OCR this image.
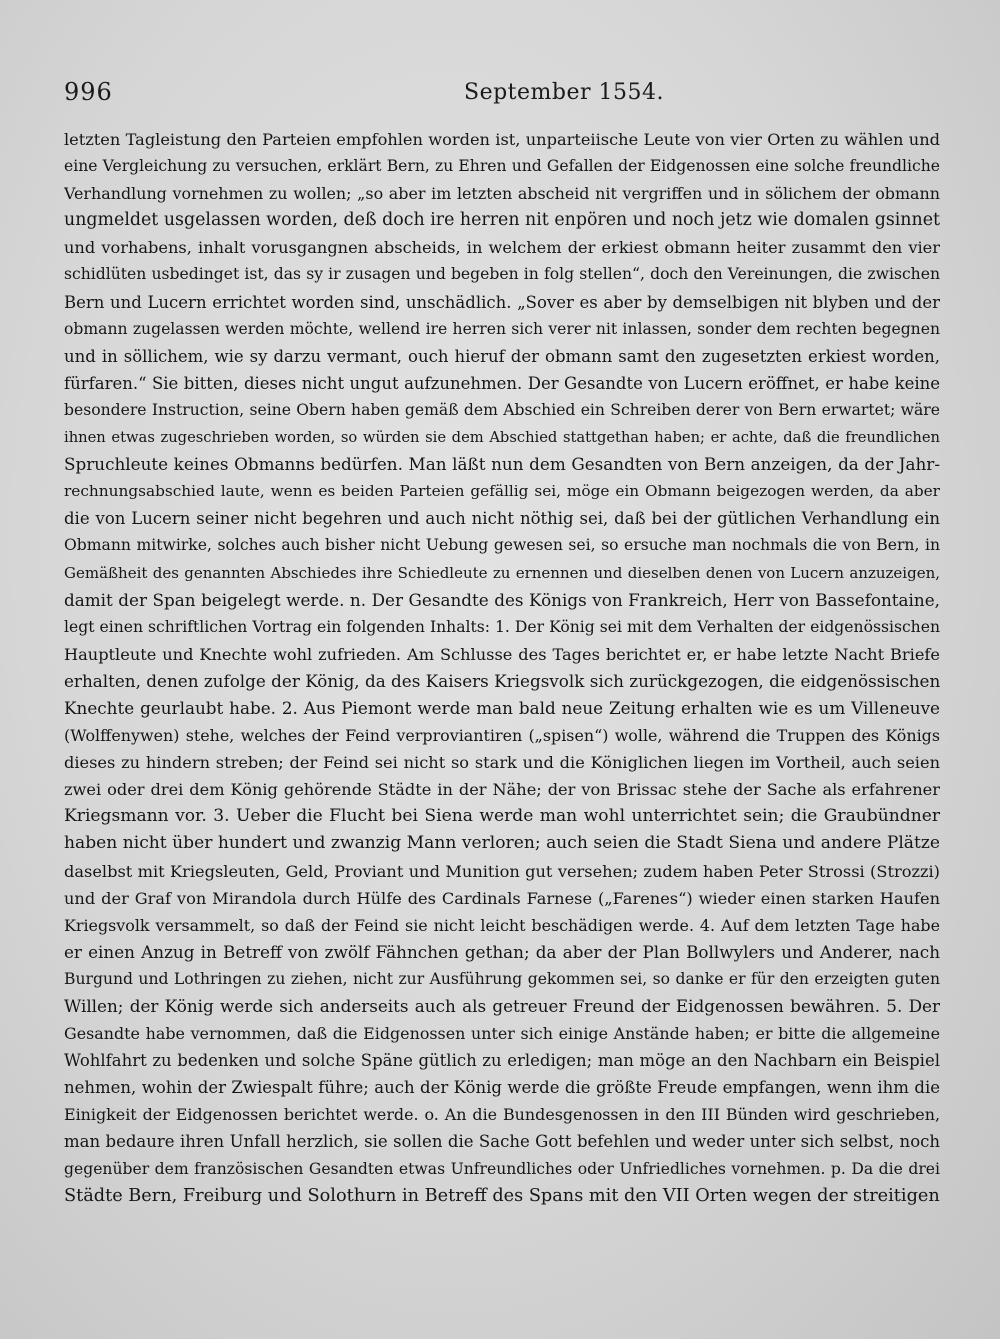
996	September 1554.
letzten Tagleistung den Parteien empfohlen worden ist, unparteiische Leute von vier Orten zu wählen und
eine Vergleichung zu versuchen, erklärt Bern, zu Ehren und Gefallen der Eidgenossen eine solche freundliche
Verhandlung vornehmen zu wollen; „so aber im letzten abscheid nit vergriffen und in sölichem der obmann
ungmeldet usgelassen worden, deß doch ire herren nit enpören und noch jetz wie domalen gsinnet
und vorhabens, inhalt vorusgangnen abscheids, in welchem der erkiest obmann heiter zusammt den vier
schidlüten usbedinget ist, das sy ir zusagen und begeben in folg stellen“, doch den Vereinungen, die zwischen
Bern und Lucern errichtet worden sind, unschädlich. „Sover es aber by demselbigen nit blyben und der
obmann zugelassen werden möchte, wellend ire herren sich verer nit inlassen, sonder dem rechten begegnen
und in söllichem, wie sy darzu vermant, ouch hieruf der obmann samt den zugesetzten erkiest worden,
fürfaren.“ Sie bitten, dieses nicht ungut aufzunehmen. Der Gesandte von Lucern eröffnet, er habe keine
besondere Instruction, seine Obern haben gemäß dem Abschied ein Schreiben derer von Bern erwartet; wäre
ihnen etwas zugeschrieben worden, so würden sie dem Abschied stattgethan haben; er achte, daß die freundlichen
Spruchleute keines Obmanns bedürfen. Man läßt nun dem Gesandten von Bern anzeigen, da der Jahr-
rechnungsabschied laute, wenn es beiden Parteien gefällig sei, möge ein Obmann beigezogen werden, da aber
die von Lucern seiner nicht begehren und auch nicht nöthig sei, daß bei der gütlichen Verhandlung ein
Obmann mitwirke, solches auch bisher nicht Uebung gewesen sei, so ersuche man nochmals die von Bern, in
Gemäßheit des genannten Abschiedes ihre Schiedleute zu ernennen und dieselben denen von Lucern anzuzeigen,
damit der Span beigelegt werde. n. Der Gesandte des Königs von Frankreich, Herr von Bassefontaine,
legt einen schriftlichen Vortrag ein folgenden Inhalts: 1. Der König sei mit dem Verhalten der eidgenössischen
Hauptleute und Knechte wohl zufrieden. Am Schlusse des Tages berichtet er, er habe letzte Nacht Briefe
erhalten, denen zufolge der König, da des Kaisers Kriegsvolk sich zurückgezogen, die eidgenössischen
Knechte geurlaubt habe. 2. Aus Piemont werde man bald neue Zeitung erhalten wie es um Villeneuve
(Wolffenywen) stehe, welches der Feind verproviantiren („spisen“) wolle, während die Truppen des Königs
dieses zu hindern streben; der Feind sei nicht so stark und die Königlichen liegen im Vortheil, auch seien
zwei oder drei dem König gehörende Städte in der Nähe; der von Brissac stehe der Sache als erfahrener
Kriegsmann vor. 3. Ueber die Flucht bei Siena werde man wohl unterrichtet sein; die Graubündner
haben nicht über hundert und zwanzig Mann verloren; auch seien die Stadt Siena und andere Plätze
daselbst mit Kriegsleuten, Geld, Proviant und Munition gut versehen; zudem haben Peter Strossi (Strozzi)
und der Graf von Mirandola durch Hülfe des Cardinals Farnese („Farenes“) wieder einen starken Haufen
Kriegsvolk versammelt, so daß der Feind sie nicht leicht beschädigen werde. 4. Auf dem letzten Tage habe
er einen Anzug in Betreff von zwölf Fähnchen gethan; da aber der Plan Bollwylers und Anderer, nach
Burgund und Lothringen zu ziehen, nicht zur Ausführung gekommen sei, so danke er für den erzeigten guten
Willen; der König werde sich anderseits auch als getreuer Freund der Eidgenossen bewähren. 5. Der
Gesandte habe vernommen, daß die Eidgenossen unter sich einige Anstände haben; er bitte die allgemeine
Wohlfahrt zu bedenken und solche Späne gütlich zu erledigen; man möge an den Nachbarn ein Beispiel
nehmen, wohin der Zwiespalt führe; auch der König werde die größte Freude empfangen, wenn ihm die
Einigkeit der Eidgenossen berichtet werde. o. An die Bundesgenossen in den III Bünden wird geschrieben,
man bedaure ihren Unfall herzlich, sie sollen die Sache Gott befehlen und weder unter sich selbst, noch
gegenüber dem französischen Gesandten etwas Unfreundliches oder Unfriedliches vornehmen. p. Da die drei
Städte Bern, Freiburg und Solothurn in Betreff des Spans mit den VII Orten wegen der streitigen
